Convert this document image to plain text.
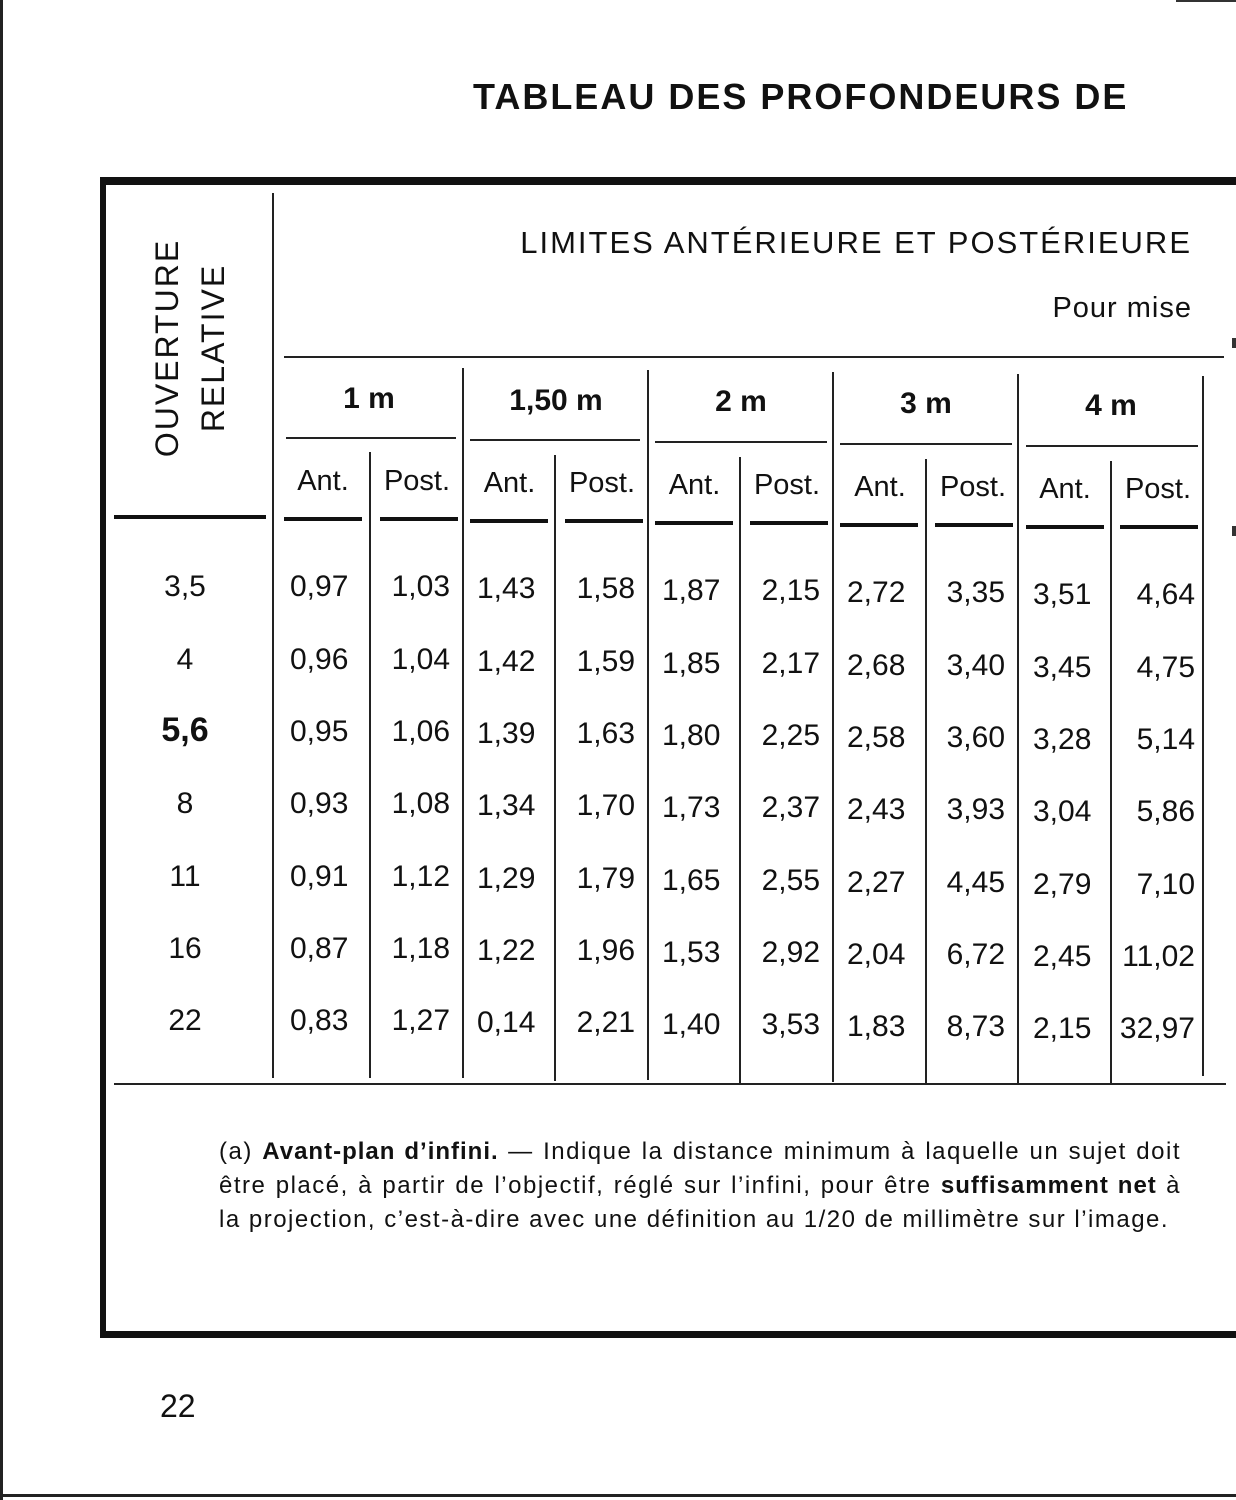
TABLEAU DES PROFONDEURS DE
OUVERTURE RELATIVE
LIMITES ANTÉRIEURE ET POSTÉRIEURE
Pour mise
1 m	1,50 m	2 m	3 m	4 m
Ant.	Post.	Ant.	Post.	Ant.	Post.	Ant.	Post.	Ant.	Post.
3,5	0,97 1,03 1,43 1,58 1,87 2,15 2,72 3,35 3,51 4,64
4	0,96 1,04 1,42 1,59 1,85 2,17 2,68 3,40 3,45 4,75
5,6	0,95 1,06 1,39 1,63 1,80 2,25 2,58 3,60 3,28 5,14
8	0,93 1,08 1,34 1,70 1,73 2,37 2,43 3,93 3,04 5,86
11	0,91 1,12 1,29 1,79 1,65 2,55 2,27 4,45 2,79 7,10
16	0,87 1,18 1,22 1,96 1,53 2,92 2,04 6,72 2,45 11,02
22	0,83 1,27 0,14 2,21 1,40 3,53 1,83 8,73 2,15 32,97
(a) Avant-plan d’infini. — Indique la distance minimum à laquelle un sujet doit être placé, à partir de l’objectif, réglé sur l’infini, pour être suffisamment net à la projection, c’est-à-dire avec une définition au 1/20 de millimètre sur l’image.
22
